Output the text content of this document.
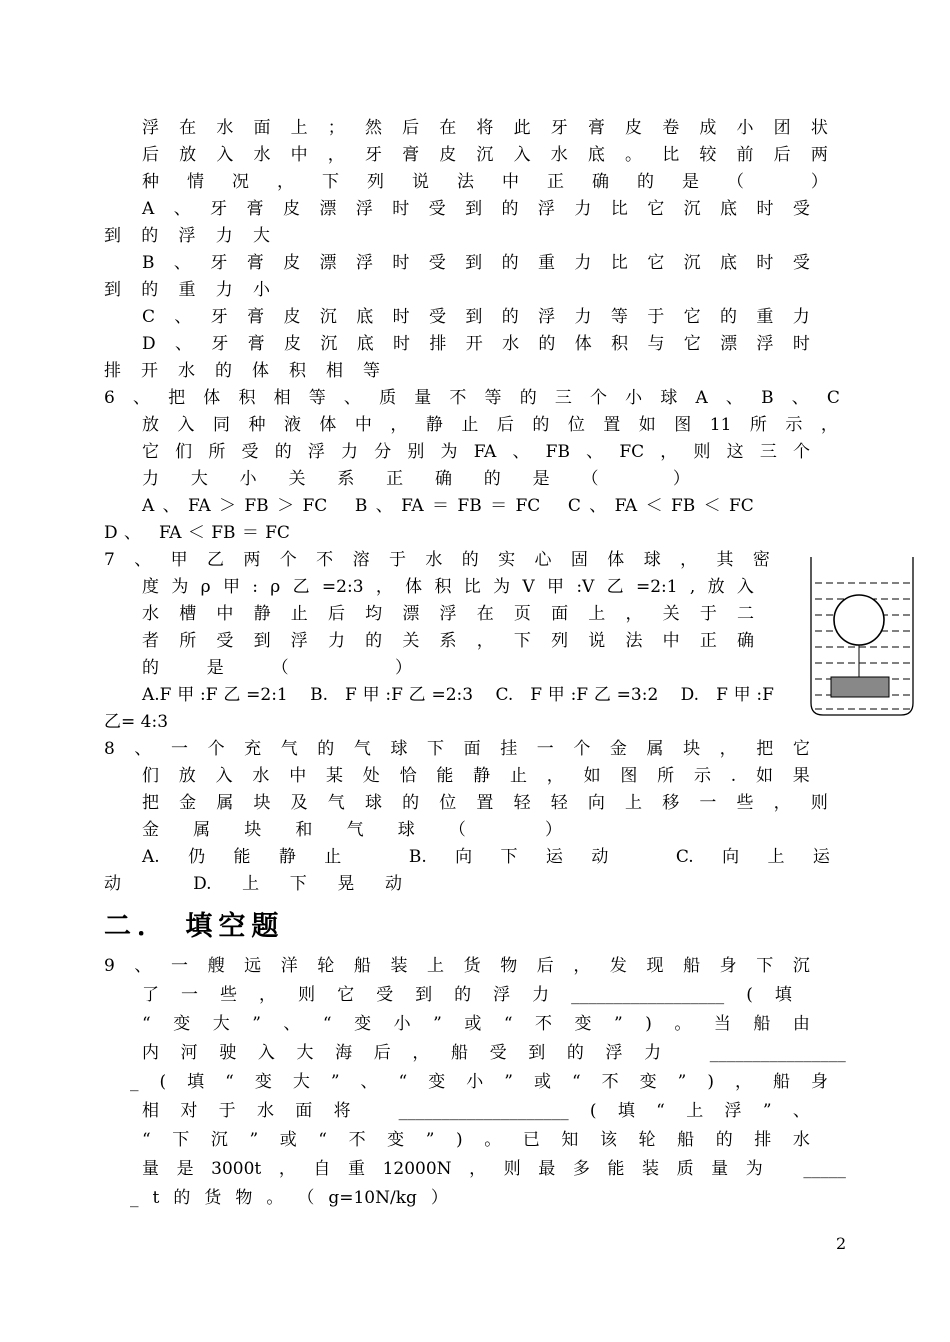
浮 在 水 面 上 ； 然 后 在 将 此 牙 膏 皮 卷 成 小 团 状
后 放 入 水 中 ， 牙 膏 皮 沉 入 水 底 。 比 较 前 后 两
种 情 况 ， 下 列 说 法 中 正 确 的 是 （
	）
A 、 牙 膏 皮 漂 浮 时 受 到 的 浮 力 比 它 沉 底 时 受
到 的 浮 力 大
B 、 牙 膏 皮 漂 浮 时 受 到 的 重 力 比 它 沉 底 时 受
到 的 重 力 小
C 、 牙 膏 皮 沉 底 时 受 到 的 浮 力 等 于 它 的 重 力
D 、 牙 膏 皮 沉 底 时 排 开 水 的 体 积 与 它 漂 浮 时
排 开 水 的 体 积 相 等
6 、 把 体 积 相 等 、 质 量 不 等 的 三 个 小 球 A 、 B 、 C
放 入 同 种 液 体 中 ， 静 止 后 的 位 置 如 图 11 所 示 ，
它 们 所 受 的 浮 力 分 别 为 FA 、 FB 、 FC ， 则 这 三 个
力 大 小 关 系 正 确 的 是 （
	）
A 、 FA ＞ FB ＞ FC
B 、 FA ＝ FB ＝ FC
C 、 FA ＜ FB ＜ FC
D 、
FA ＜ FB ＝ FC
7 、 甲 乙 两 个 不 溶 于 水 的 实 心 固 体 球 ， 其 密
度 为 ρ 甲 : ρ 乙 =2:3 ， 体 积 比 为 V 甲 :V 乙 =2:1 , 放 入
水 槽 中 静 止 后 均 漂 浮 在 页 面 上 ， 关 于 二
者 所 受 到 浮 力 的 关 系 ， 下 列 说 法 中 正 确
的	是	（
	）
A.F 甲 :F 乙 =2:1
B.
F 甲 :F 乙 =2:3
C.
F 甲 :F 乙 =3:2
D.
F 甲 :F
乙 =
4:3
8 、 一 个 充 气 的 气 球 下 面 挂 一 个 金 属 块 ， 把 它
们 放 入 水 中 某 处 恰 能 静 止 ， 如 图 所 示 . 如 果
把 金 属 块 及 气 球 的 位 置 轻 轻 向 上 移 一 些 ， 则
金 属 块 和 气 球 （
	）
A. 仍 能 静 止
	B. 向 下 运 动
	C. 向 上 运
动
	D. 上 下 晃 动
9 、 一 艘 远 洋 轮 船 装 上 货 物 后 ， 发 现 船 身 下 沉
了 一 些 ， 则 它 受 到 的 浮 力 __________________ ( 填
“ 变 大 ” 、 “ 变 小 ” 或 “ 不 变 ” ) 。 当 船 由
内 河 驶 入 大 海 后 ， 船 受 到 的 浮 力
	________________
_ ( 填 “ 变 大 ” 、 “ 变 小 ” 或 “ 不 变 ” ) ， 船 身
相 对 于 水 面 将
	____________________ ( 填 “ 上 浮 ” 、
“ 下 沉 ” 或 “ 不 变 ” ) 。 已 知 该 轮 船 的 排 水
量 是 3000t ， 自 重 12000N ， 则 最 多 能 装 质 量 为
_____
_ t 的 货 物 。 （ g=10N/kg ）
二． 填空题
2
